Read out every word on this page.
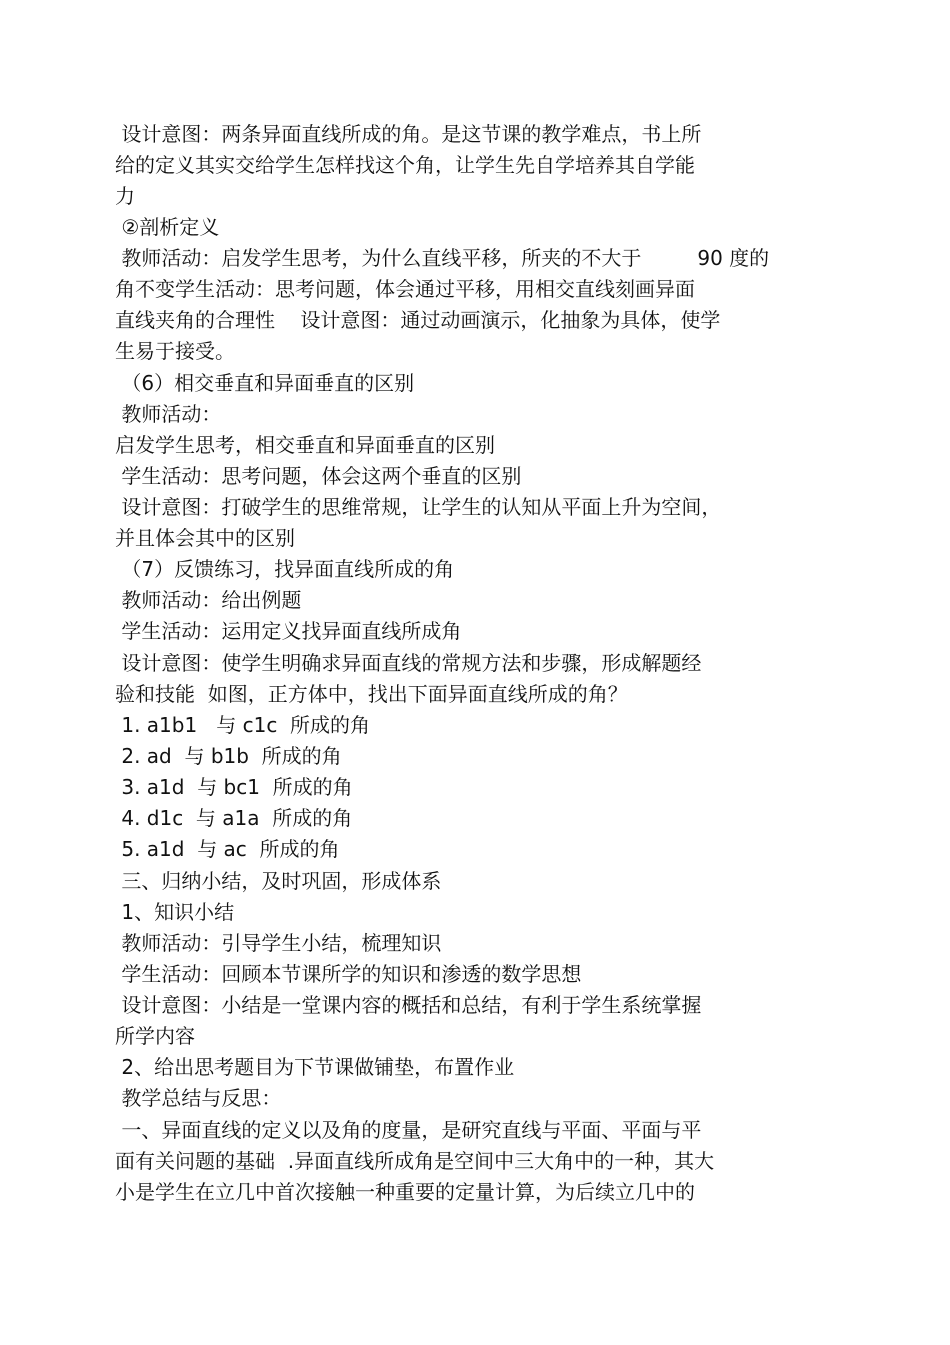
设计意图：两条异面直线所成的角。是这节课的教学难点，书上所

给的定义其实交给学生怎样找这个角，让学生先自学培养其自学能

力

②剖析定义

教师活动：启发学生思考，为什么直线平移，所夹的不大于	90 度的

角不变学生活动：思考问题，体会通过平移，用相交直线刻画异面

直线夹角的合理性    设计意图：通过动画演示，化抽象为具体，使学

生易于接受。

（6）相交垂直和异面垂直的区别

教师活动：

启发学生思考，相交垂直和异面垂直的区别

学生活动：思考问题，体会这两个垂直的区别

设计意图：打破学生的思维常规，让学生的认知从平面上升为空间，

并且体会其中的区别

（7）反馈练习，找异面直线所成的角

教师活动：给出例题

学生活动：运用定义找异面直线所成角

设计意图：使学生明确求异面直线的常规方法和步骤，形成解题经

验和技能  如图，正方体中，找出下面异面直线所成的角？

1. a1b1   与 c1c  所成的角

2. ad  与 b1b  所成的角

3. a1d  与 bc1  所成的角

4. d1c  与 a1a  所成的角

5. a1d  与 ac  所成的角

三、归纳小结，及时巩固，形成体系

1、知识小结

教师活动：引导学生小结，梳理知识

学生活动：回顾本节课所学的知识和渗透的数学思想

设计意图：小结是一堂课内容的概括和总结，有利于学生系统掌握

所学内容

2、给出思考题目为下节课做铺垫，布置作业

教学总结与反思：

一、异面直线的定义以及角的度量，是研究直线与平面、平面与平

面有关问题的基础  .异面直线所成角是空间中三大角中的一种，其大

小是学生在立几中首次接触一种重要的定量计算，为后续立几中的
